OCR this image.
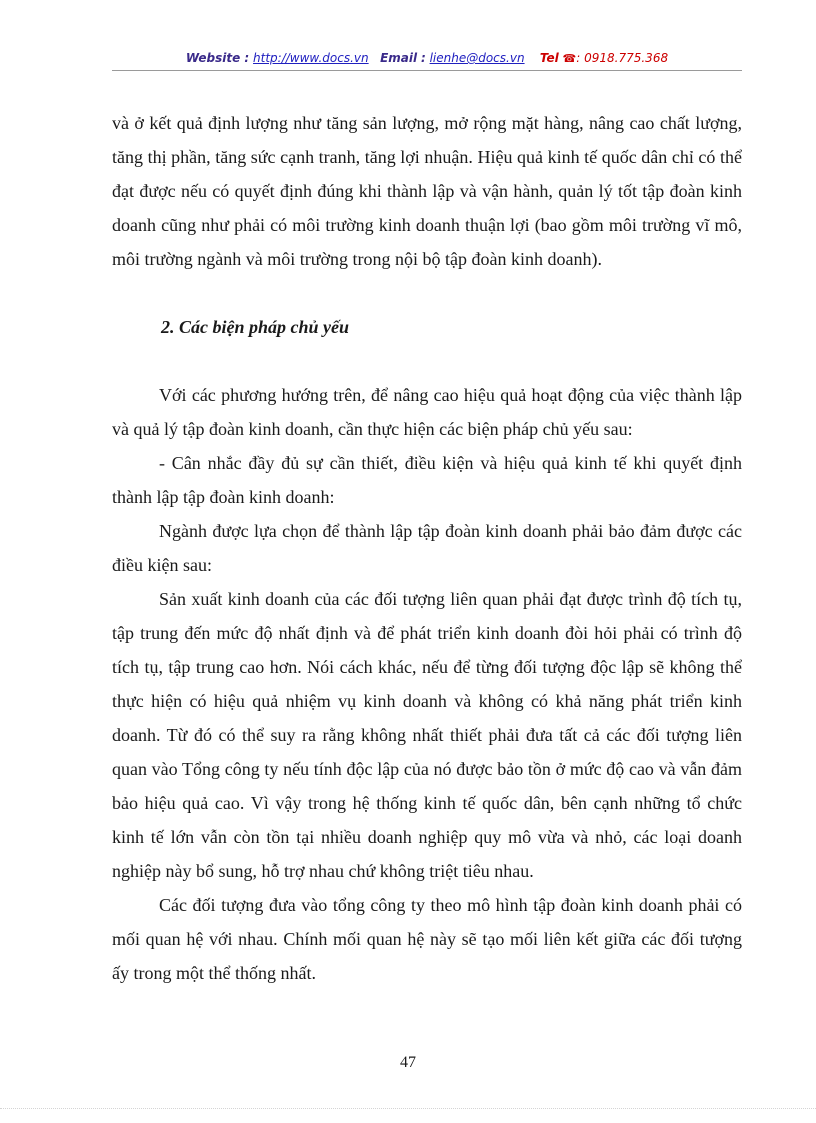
Website : http://www.docs.vn Email : lienhe@docs.vn Tel ☎: 0918.775.368

và ở kết quả định lượng như tăng sản lượng, mở rộng mặt hàng, nâng cao chất lượng, tăng thị phần, tăng sức cạnh tranh, tăng lợi nhuận. Hiệu quả kinh tế quốc dân chỉ có thể đạt được nếu có quyết định đúng khi thành lập và vận hành, quản lý tốt tập đoàn kinh doanh cũng như phải có môi trường kinh doanh thuận lợi (bao gồm môi trường vĩ mô, môi trường ngành và môi trường trong nội bộ tập đoàn kinh doanh).

2. Các biện pháp chủ yếu

Với các phương hướng trên, để nâng cao hiệu quả hoạt động của việc thành lập và quả lý tập đoàn kinh doanh, cần thực hiện các biện pháp chủ yếu sau:

- Cân nhắc đầy đủ sự cần thiết, điều kiện và hiệu quả kinh tế khi quyết định thành lập tập đoàn kinh doanh:

Ngành được lựa chọn để thành lập tập đoàn kinh doanh phải bảo đảm được các điều kiện sau:

Sản xuất kinh doanh của các đối tượng liên quan phải đạt được trình độ tích tụ, tập trung đến mức độ nhất định và để phát triển kinh doanh đòi hỏi phải có trình độ tích tụ, tập trung cao hơn. Nói cách khác, nếu để từng đối tượng độc lập sẽ không thể thực hiện có hiệu quả nhiệm vụ kinh doanh và không có khả năng phát triển kinh doanh. Từ đó có thể suy ra rằng không nhất thiết phải đưa tất cả các đối tượng liên quan vào Tổng công ty nếu tính độc lập của nó được bảo tồn ở mức độ cao và vẫn đảm bảo hiệu quả cao. Vì vậy trong hệ thống kinh tế quốc dân, bên cạnh những tổ chức kinh tế lớn vẫn còn tồn tại nhiều doanh nghiệp quy mô vừa và nhỏ, các loại doanh nghiệp này bổ sung, hỗ trợ nhau chứ không triệt tiêu nhau.

Các đối tượng đưa vào tổng công ty theo mô hình tập đoàn kinh doanh phải có mối quan hệ với nhau. Chính mối quan hệ này sẽ tạo mối liên kết giữa các đối tượng ấy trong một thể thống nhất.

47
